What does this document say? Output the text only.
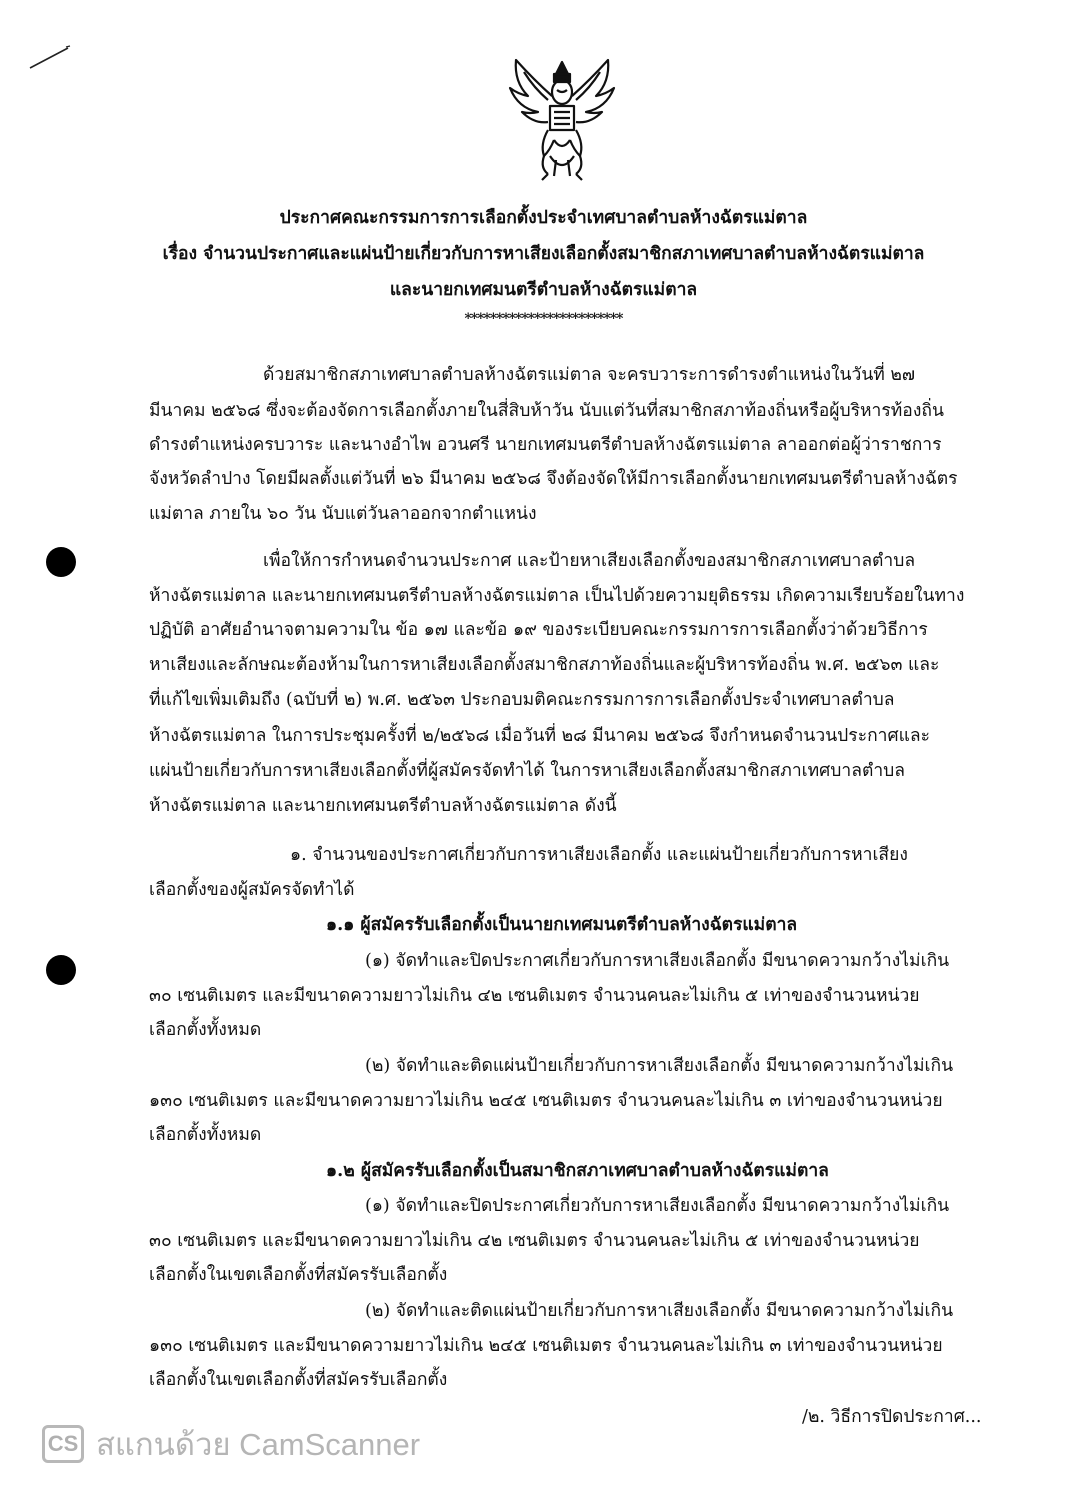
ประกาศคณะกรรมการการเลือกตั้งประจำเทศบาลตำบลห้างฉัตรแม่ตาล
เรื่อง จำนวนประกาศและแผ่นป้ายเกี่ยวกับการหาเสียงเลือกตั้งสมาชิกสภาเทศบาลตำบลห้างฉัตรแม่ตาล
และนายกเทศมนตรีตำบลห้างฉัตรแม่ตาล
*************************
ด้วยสมาชิกสภาเทศบาลตำบลห้างฉัตรแม่ตาล จะครบวาระการดำรงตำแหน่งในวันที่ ๒๗
มีนาคม ๒๕๖๘ ซึ่งจะต้องจัดการเลือกตั้งภายในสี่สิบห้าวัน นับแต่วันที่สมาชิกสภาท้องถิ่นหรือผู้บริหารท้องถิ่น
ดำรงตำแหน่งครบวาระ และนางอำไพ อวนศรี นายกเทศมนตรีตำบลห้างฉัตรแม่ตาล ลาออกต่อผู้ว่าราชการ
จังหวัดลำปาง โดยมีผลตั้งแต่วันที่ ๒๖ มีนาคม ๒๕๖๘ จึงต้องจัดให้มีการเลือกตั้งนายกเทศมนตรีตำบลห้างฉัตร
แม่ตาล ภายใน ๖๐ วัน นับแต่วันลาออกจากตำแหน่ง
เพื่อให้การกำหนดจำนวนประกาศ และป้ายหาเสียงเลือกตั้งของสมาชิกสภาเทศบาลตำบล
ห้างฉัตรแม่ตาล และนายกเทศมนตรีตำบลห้างฉัตรแม่ตาล เป็นไปด้วยความยุติธรรม เกิดความเรียบร้อยในทาง
ปฏิบัติ อาศัยอำนาจตามความใน ข้อ ๑๗ และข้อ ๑๙ ของระเบียบคณะกรรมการการเลือกตั้งว่าด้วยวิธีการ
หาเสียงและลักษณะต้องห้ามในการหาเสียงเลือกตั้งสมาชิกสภาท้องถิ่นและผู้บริหารท้องถิ่น พ.ศ. ๒๕๖๓ และ
ที่แก้ไขเพิ่มเติมถึง (ฉบับที่ ๒) พ.ศ. ๒๕๖๓ ประกอบมติคณะกรรมการการเลือกตั้งประจำเทศบาลตำบล
ห้างฉัตรแม่ตาล ในการประชุมครั้งที่ ๒/๒๕๖๘ เมื่อวันที่ ๒๘ มีนาคม ๒๕๖๘ จึงกำหนดจำนวนประกาศและ
แผ่นป้ายเกี่ยวกับการหาเสียงเลือกตั้งที่ผู้สมัครจัดทำได้ ในการหาเสียงเลือกตั้งสมาชิกสภาเทศบาลตำบล
ห้างฉัตรแม่ตาล และนายกเทศมนตรีตำบลห้างฉัตรแม่ตาล ดังนี้
๑. จำนวนของประกาศเกี่ยวกับการหาเสียงเลือกตั้ง และแผ่นป้ายเกี่ยวกับการหาเสียง
เลือกตั้งของผู้สมัครจัดทำได้
๑.๑ ผู้สมัครรับเลือกตั้งเป็นนายกเทศมนตรีตำบลห้างฉัตรแม่ตาล
(๑) จัดทำและปิดประกาศเกี่ยวกับการหาเสียงเลือกตั้ง มีขนาดความกว้างไม่เกิน
๓๐ เซนติเมตร และมีขนาดความยาวไม่เกิน ๔๒ เซนติเมตร จำนวนคนละไม่เกิน ๕ เท่าของจำนวนหน่วย
เลือกตั้งทั้งหมด
(๒) จัดทำและติดแผ่นป้ายเกี่ยวกับการหาเสียงเลือกตั้ง มีขนาดความกว้างไม่เกิน
๑๓๐ เซนติเมตร และมีขนาดความยาวไม่เกิน ๒๔๕ เซนติเมตร จำนวนคนละไม่เกิน ๓ เท่าของจำนวนหน่วย
เลือกตั้งทั้งหมด
๑.๒ ผู้สมัครรับเลือกตั้งเป็นสมาชิกสภาเทศบาลตำบลห้างฉัตรแม่ตาล
(๑) จัดทำและปิดประกาศเกี่ยวกับการหาเสียงเลือกตั้ง มีขนาดความกว้างไม่เกิน
๓๐ เซนติเมตร และมีขนาดความยาวไม่เกิน ๔๒ เซนติเมตร จำนวนคนละไม่เกิน ๕ เท่าของจำนวนหน่วย
เลือกตั้งในเขตเลือกตั้งที่สมัครรับเลือกตั้ง
(๒) จัดทำและติดแผ่นป้ายเกี่ยวกับการหาเสียงเลือกตั้ง มีขนาดความกว้างไม่เกิน
๑๓๐ เซนติเมตร และมีขนาดความยาวไม่เกิน ๒๔๕ เซนติเมตร จำนวนคนละไม่เกิน ๓ เท่าของจำนวนหน่วย
เลือกตั้งในเขตเลือกตั้งที่สมัครรับเลือกตั้ง
/๒. วิธีการปิดประกาศ...
CS สแกนด้วย CamScanner
